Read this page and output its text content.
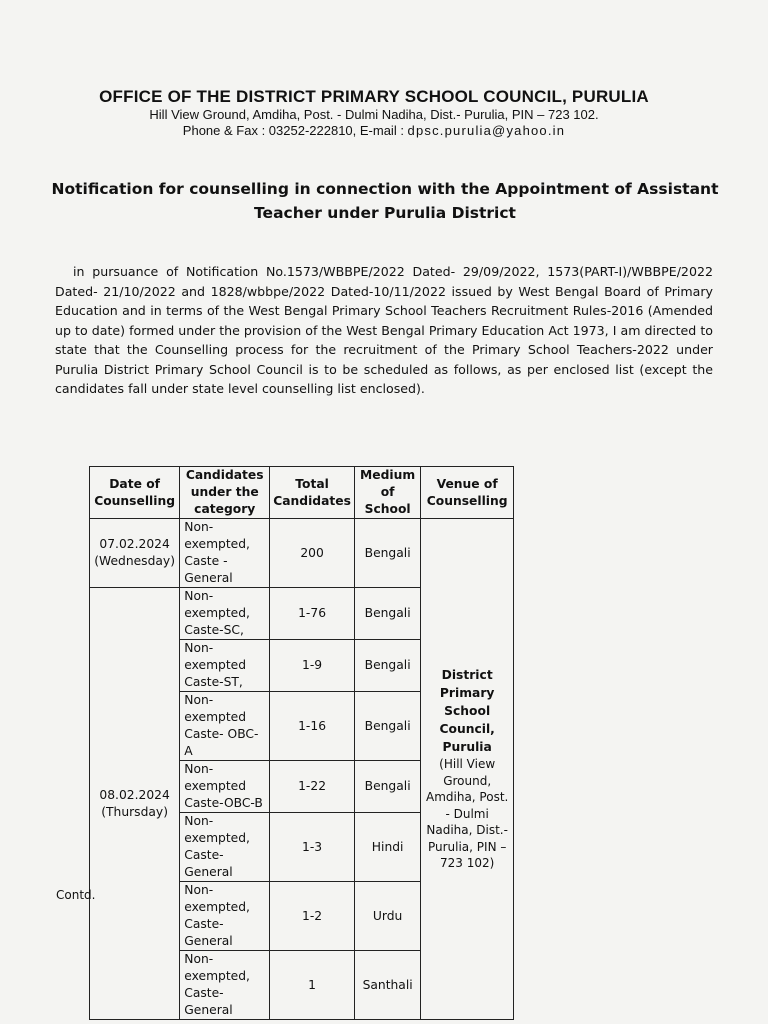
OFFICE OF THE DISTRICT PRIMARY SCHOOL COUNCIL, PURULIA

Hill View Ground, Amdiha, Post. - Dulmi Nadiha, Dist.- Purulia, PIN – 723 102.

Phone & Fax : 03252-222810, E-mail : dpsc.purulia@yahoo.in

Notification for counselling in connection with the Appointment of Assistant Teacher under Purulia District

in pursuance of Notification No.1573/WBBPE/2022 Dated- 29/09/2022, 1573(PART-I)/WBBPE/2022 Dated- 21/10/2022 and 1828/wbbpe/2022 Dated-10/11/2022 issued by West Bengal Board of Primary Education and in terms of the West Bengal Primary School Teachers Recruitment Rules-2016 (Amended up to date) formed under the provision of the West Bengal Primary Education Act 1973, I am directed to state that the Counselling process for the recruitment of the Primary School Teachers-2022 under Purulia District Primary School Council is to be scheduled as follows, as per enclosed list (except the candidates fall under state level counselling list enclosed).

Date of Counselling	Candidates under the category	Total Candidates	Medium of School	Venue of Counselling
07.02.2024
(Wednesday)	Non-exempted, Caste -General	200	Bengali	District Primary School Council, Purulia
(Hill View Ground, Amdiha, Post. - Dulmi Nadiha, Dist.- Purulia, PIN – 723 102)

08.02.2024
(Thursday)	Non-exempted, Caste-SC,	1-76	Bengali	
	Non-exempted Caste-ST,	1-9	Bengali	
	Non-exempted Caste- OBC-A	1-16	Bengali	
	Non-exempted Caste-OBC-B	1-22	Bengali	
	Non-exempted, Caste- General	1-3	Hindi	
	Non-exempted, Caste-General	1-2	Urdu	
	Non-exempted, Caste-General	1	Santhali	
Contd.
